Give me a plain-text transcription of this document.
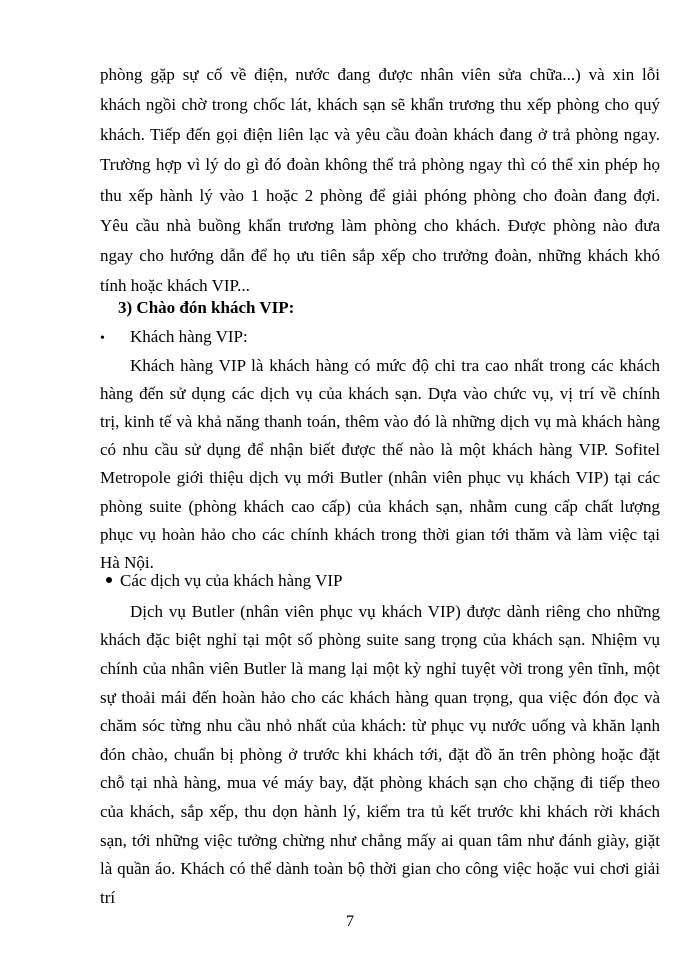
phòng gặp sự cố về điện, nước đang được nhân viên sửa chữa...) và xin lỗi
khách ngồi chờ trong chốc lát, khách sạn sẽ khẩn trương thu xếp phòng cho quý
khách. Tiếp đến gọi điện liên lạc và yêu cầu đoàn khách đang ở trả phòng ngay.
Trường hợp vì lý do gì đó đoàn không thể trả phòng ngay thì có thể xin phép họ
thu xếp hành lý vào 1 hoặc 2 phòng để giải phóng phòng cho đoàn đang đợi.
Yêu cầu nhà buồng khẩn trương làm phòng cho khách. Được phòng nào đưa
ngay cho hướng dẫn để họ ưu tiên sắp xếp cho trưởng đoàn, những khách khó
tính hoặc khách VIP...
3) Chào đón khách VIP:
• Khách hàng VIP:
Khách hàng VIP là khách hàng có mức độ chi tra cao nhất trong các khách
hàng đến sử dụng các dịch vụ của khách sạn. Dựa vào chức vụ, vị trí về chính
trị, kinh tế và khả năng thanh toán, thêm vào đó là những dịch vụ mà khách hàng
có nhu cầu sử dụng để nhận biết được thế nào là một khách hàng VIP. Sofitel
Metropole giới thiệu dịch vụ mới Butler (nhân viên phục vụ khách VIP) tại các
phòng suite (phòng khách cao cấp) của khách sạn, nhằm cung cấp chất lượng
phục vụ hoàn hảo cho các chính khách trong thời gian tới thăm và làm việc tại
Hà Nội.
Các dịch vụ của khách hàng VIP
Dịch vụ Butler (nhân viên phục vụ khách VIP) được dành riêng cho những
khách đặc biệt nghỉ tại một số phòng suite sang trọng của khách sạn. Nhiệm vụ
chính của nhân viên Butler là mang lại một kỳ nghỉ tuyệt vời trong yên tĩnh, một
sự thoải mái đến hoàn hảo cho các khách hàng quan trọng, qua việc đón đọc và
chăm sóc từng nhu cầu nhỏ nhất của khách: từ phục vụ nước uống và khăn lạnh
đón chào, chuẩn bị phòng ở trước khi khách tới, đặt đồ ăn trên phòng hoặc đặt
chỗ tại nhà hàng, mua vé máy bay, đặt phòng khách sạn cho chặng đi tiếp theo
của khách, sắp xếp, thu dọn hành lý, kiểm tra tủ kết trước khi khách rời khách
sạn, tới những việc tưởng chừng như chẳng mấy ai quan tâm như đánh giày, giặt
là quần áo. Khách có thể dành toàn bộ thời gian cho công việc hoặc vui chơi giải
trí
7
